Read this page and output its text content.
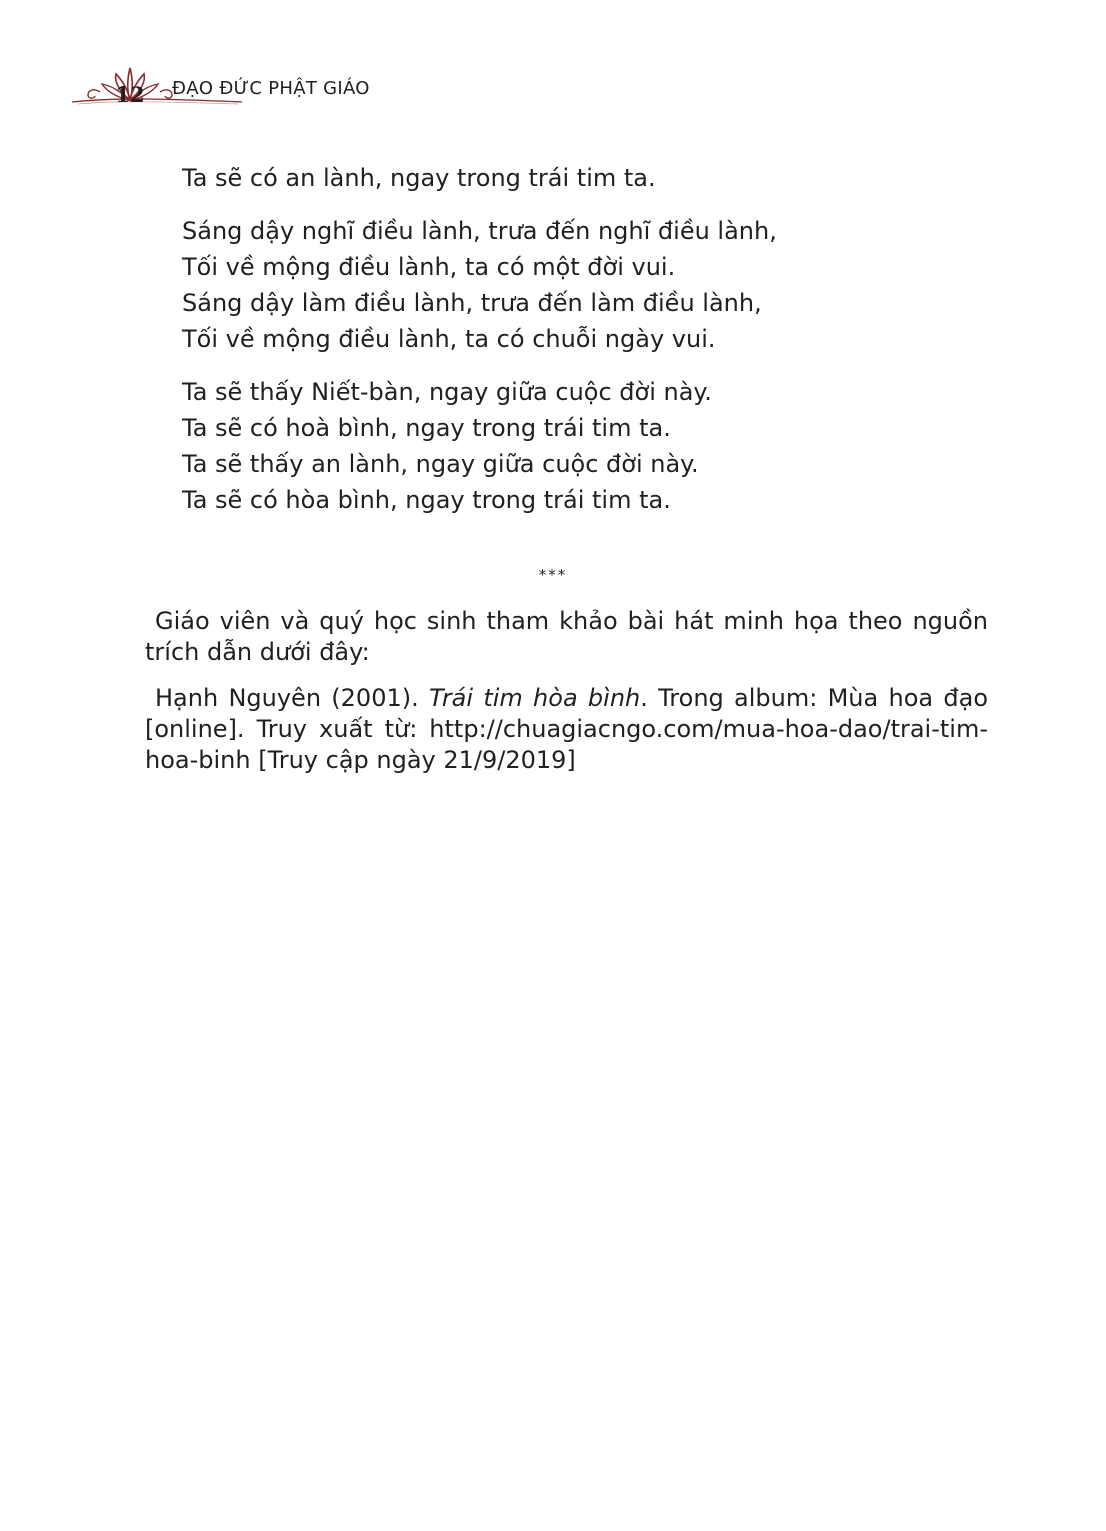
12 ĐẠO ĐỨC PHẬT GIÁO
Ta sẽ có an lành, ngay trong trái tim ta.
Sáng dậy nghĩ điều lành, trưa đến nghĩ điều lành,
Tối về mộng điều lành, ta có một đời vui.
Sáng dậy làm điều lành, trưa đến làm điều lành,
Tối về mộng điều lành, ta có chuỗi ngày vui.
Ta sẽ thấy Niết-bàn, ngay giữa cuộc đời này.
Ta sẽ có hoà bình, ngay trong trái tim ta.
Ta sẽ thấy an lành, ngay giữa cuộc đời này.
Ta sẽ có hòa bình, ngay trong trái tim ta.
***

Giáo viên và quý học sinh tham khảo bài hát minh họa theo nguồn trích dẫn dưới đây:

Hạnh Nguyên (2001). Trái tim hòa bình. Trong album: Mùa hoa đạo [online]. Truy xuất từ: http://chuagiacngo.com/mua-hoa-dao/trai-tim-hoa-binh [Truy cập ngày 21/9/2019]
